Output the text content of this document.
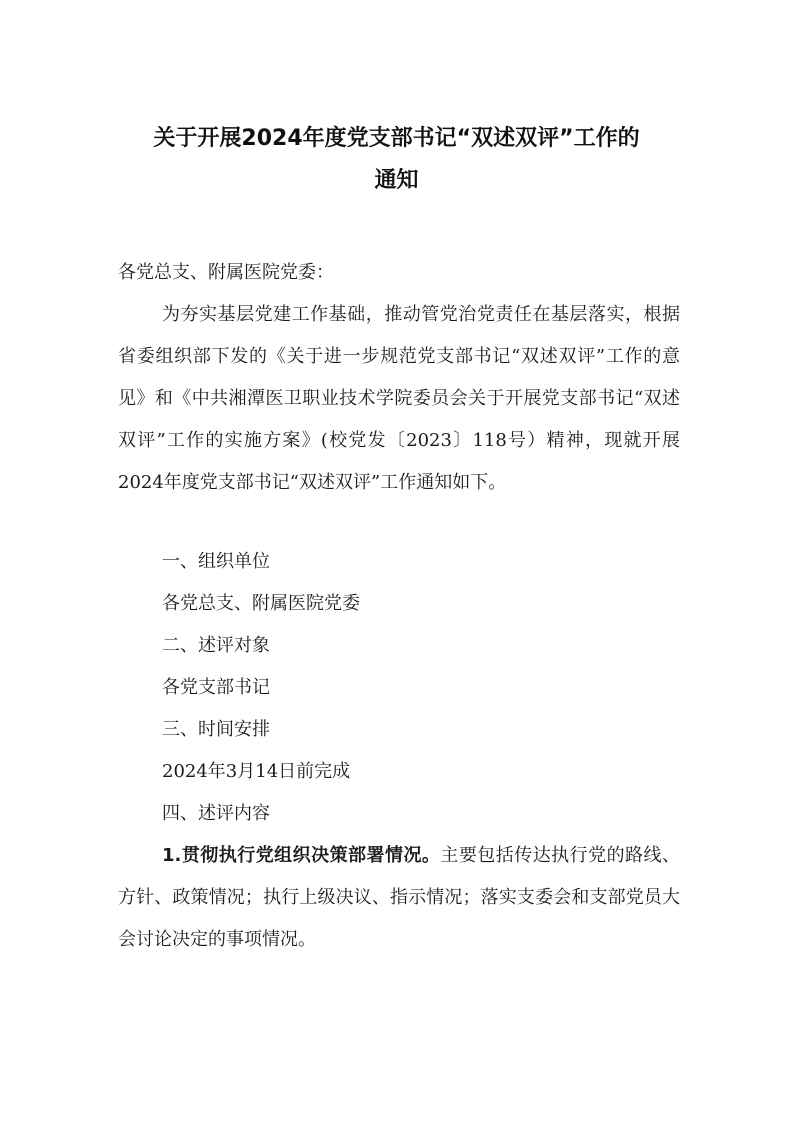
关于开展2024年度党支部书记“双述双评”工作的
通知

各党总支、附属医院党委：

为夯实基层党建工作基础，推动管党治党责任在基层落实，根据省委组织部下发的《关于进一步规范党支部书记“双述双评”工作的意见》和《中共湘潭医卫职业技术学院委员会关于开展党支部书记“双述双评”工作的实施方案》(校党发〔2023〕118号）精神，现就开展2024年度党支部书记“双述双评”工作通知如下。

一、组织单位

各党总支、附属医院党委

二、述评对象

各党支部书记

三、时间安排

2024年3月14日前完成

四、述评内容

1.贯彻执行党组织决策部署情况。主要包括传达执行党的路线、方针、政策情况；执行上级决议、指示情况；落实支委会和支部党员大会讨论决定的事项情况。
